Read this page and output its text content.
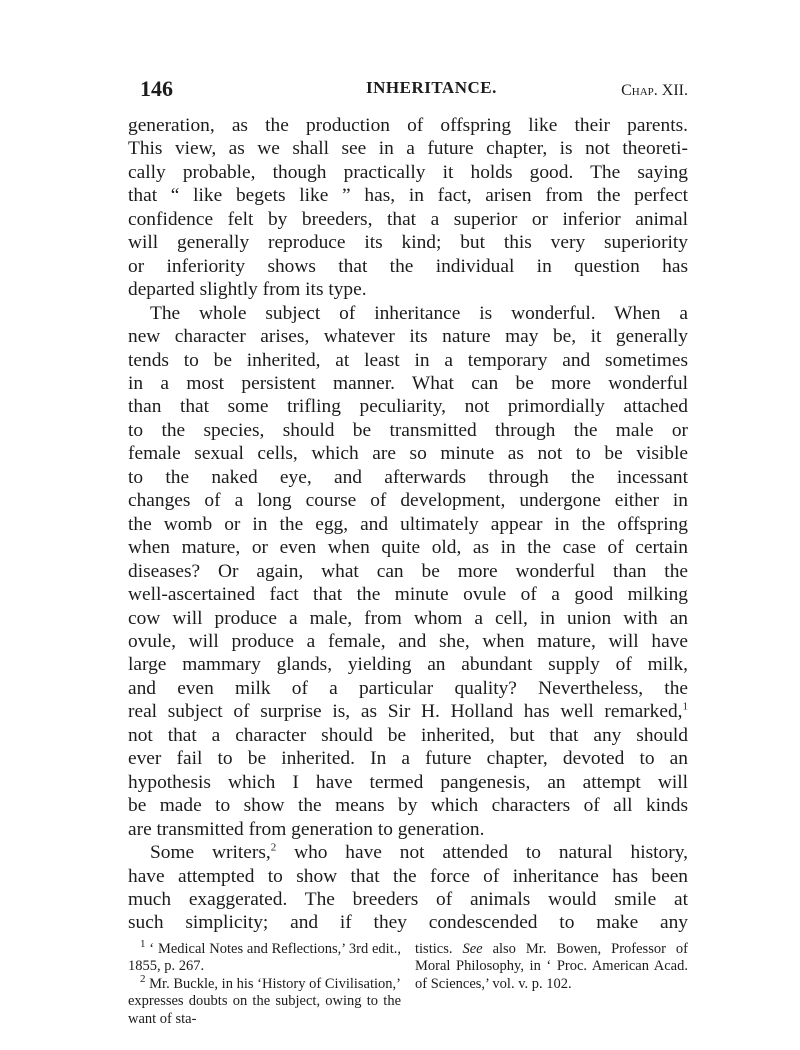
146	INHERITANCE.	Chap. XII.

generation, as the production of offspring like their parents.
This view, as we shall see in a future chapter, is not theoreti-
cally probable, though practically it holds good. The saying
that “ like begets like ” has, in fact, arisen from the perfect
confidence felt by breeders, that a superior or inferior animal
will generally reproduce its kind; but this very superiority
or inferiority shows that the individual in question has
departed slightly from its type.

The whole subject of inheritance is wonderful. When a
new character arises, whatever its nature may be, it generally
tends to be inherited, at least in a temporary and sometimes
in a most persistent manner. What can be more wonderful
than that some trifling peculiarity, not primordially attached
to the species, should be transmitted through the male or
female sexual cells, which are so minute as not to be visible
to the naked eye, and afterwards through the incessant
changes of a long course of development, undergone either in
the womb or in the egg, and ultimately appear in the offspring
when mature, or even when quite old, as in the case of certain
diseases? Or again, what can be more wonderful than the
well-ascertained fact that the minute ovule of a good milking
cow will produce a male, from whom a cell, in union with an
ovule, will produce a female, and she, when mature, will have
large mammary glands, yielding an abundant supply of milk,
and even milk of a particular quality? Nevertheless, the
real subject of surprise is, as Sir H. Holland has well remarked,$^1$
not that a character should be inherited, but that any should
ever fail to be inherited. In a future chapter, devoted to an
hypothesis which I have termed pangenesis, an attempt will
be made to show the means by which characters of all kinds
are transmitted from generation to generation.

Some writers,$^2$ who have not attended to natural history,
have attempted to show that the force of inheritance has been
much exaggerated. The breeders of animals would smile at
such simplicity; and if they condescended to make any

$^1$ ‘ Medical Notes and Reflections,’ 3rd edit., 1855, p. 267.

$^2$ Mr. Buckle, in his ‘History of Civilisation,’ expresses doubts on the subject, owing to the want of sta-

tistics. See also Mr. Bowen, Professor of Moral Philosophy, in ‘ Proc. American Acad. of Sciences,’ vol. v. p. 102.
